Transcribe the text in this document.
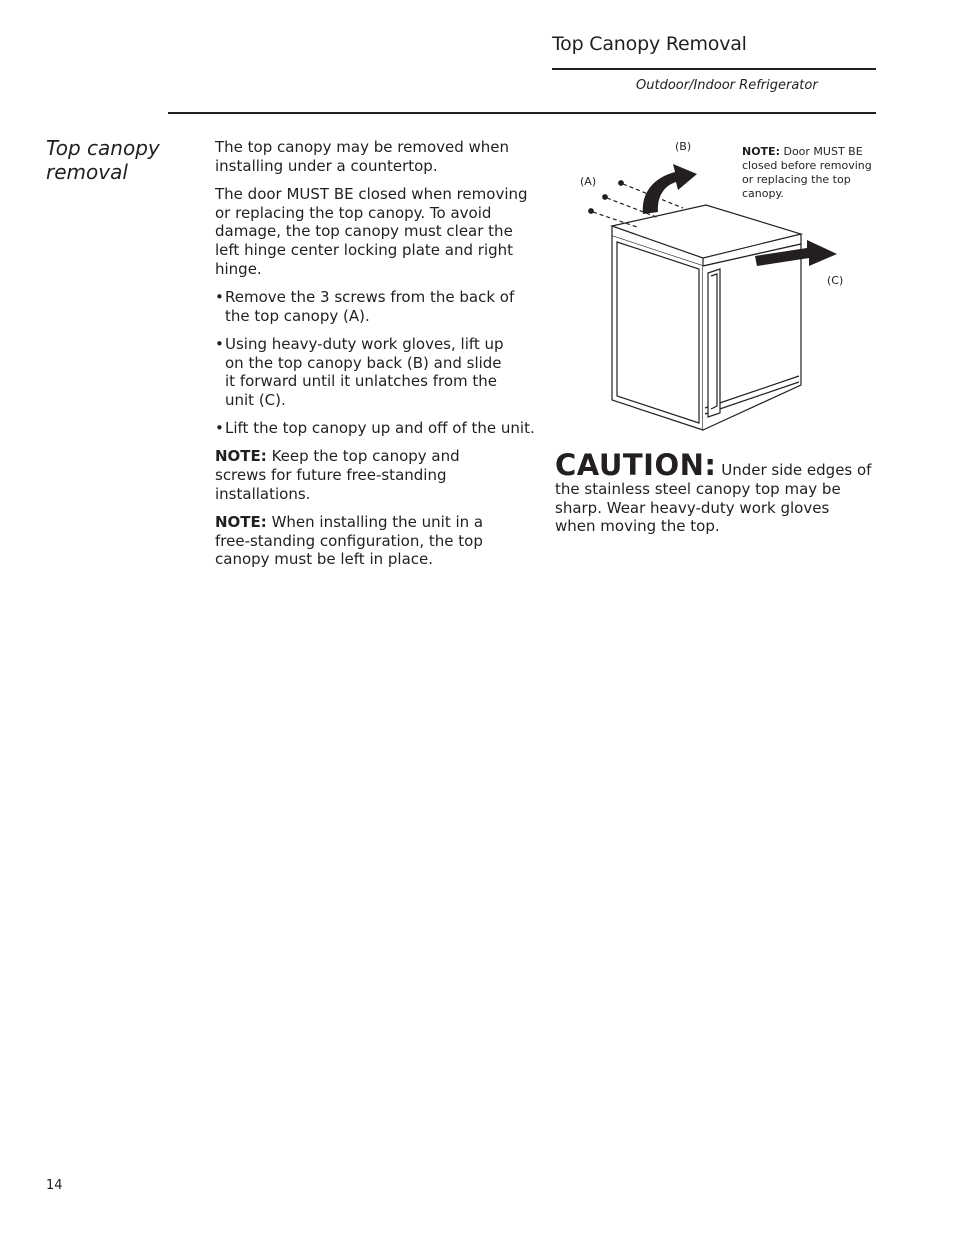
Top Canopy Removal
Outdoor/Indoor Refrigerator
Top canopy
removal

The top canopy may be removed when installing under a countertop.

The door MUST BE closed when removing or replacing the top canopy. To avoid damage, the top canopy must clear the left hinge center locking plate and right hinge.

• Remove the 3 screws from the back of the top canopy (A).
• Using heavy-duty work gloves, lift up on the top canopy back (B) and slide it forward until it unlatches from the unit (C).
• Lift the top canopy up and off of the unit.

NOTE: Keep the top canopy and screws for future free-standing installations.

NOTE: When installing the unit in a free-standing configuration, the top canopy must be left in place.

(A)
(B)
(C)
NOTE: Door MUST BE closed before removing or replacing the top canopy.
CAUTION: Under side edges of the stainless steel canopy top may be sharp. Wear heavy-duty work gloves when moving the top.
14
